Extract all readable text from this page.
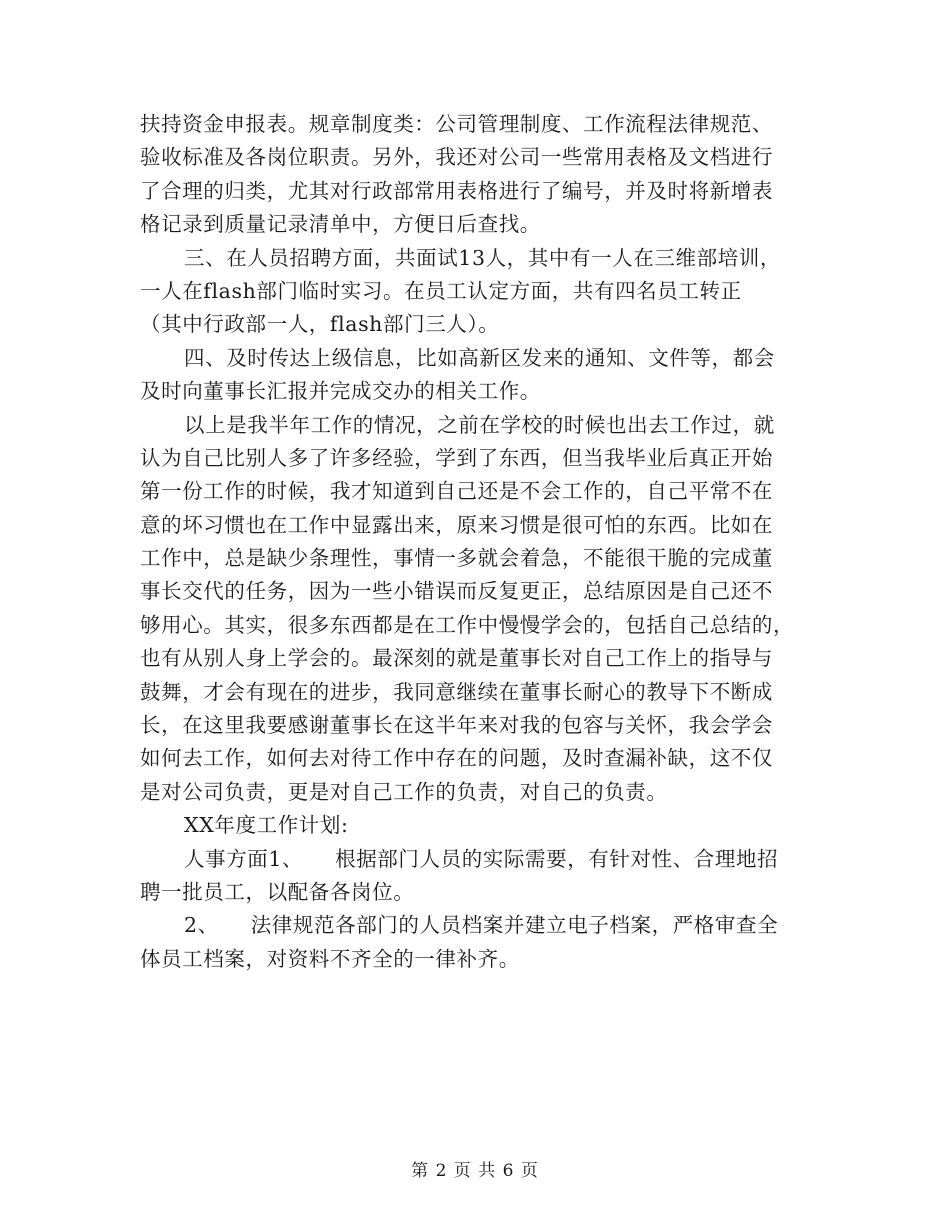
扶持资金申报表。规章制度类：公司管理制度、工作流程法律规范、
验收标准及各岗位职责。另外，我还对公司一些常用表格及文档进行
了合理的归类，尤其对行政部常用表格进行了编号，并及时将新增表
格记录到质量记录清单中，方便日后查找。
三、在人员招聘方面，共面试13人，其中有一人在三维部培训，
一人在flash部门临时实习。在员工认定方面，共有四名员工转正
（其中行政部一人，flash部门三人）。
四、及时传达上级信息，比如高新区发来的通知、文件等，都会
及时向董事长汇报并完成交办的相关工作。
以上是我半年工作的情况，之前在学校的时候也出去工作过，就
认为自己比别人多了许多经验，学到了东西，但当我毕业后真正开始
第一份工作的时候，我才知道到自己还是不会工作的，自己平常不在
意的坏习惯也在工作中显露出来，原来习惯是很可怕的东西。比如在
工作中，总是缺少条理性，事情一多就会着急，不能很干脆的完成董
事长交代的任务，因为一些小错误而反复更正，总结原因是自己还不
够用心。其实，很多东西都是在工作中慢慢学会的，包括自己总结的，
也有从别人身上学会的。最深刻的就是董事长对自己工作上的指导与
鼓舞，才会有现在的进步，我同意继续在董事长耐心的教导下不断成
长，在这里我要感谢董事长在这半年来对我的包容与关怀，我会学会
如何去工作，如何去对待工作中存在的问题，及时查漏补缺，这不仅
是对公司负责，更是对自己工作的负责，对自己的负责。
XX年度工作计划:
人事方面1、　　根据部门人员的实际需要，有针对性、合理地招
聘一批员工，以配备各岗位。
2、　　法律规范各部门的人员档案并建立电子档案，严格审查全
体员工档案，对资料不齐全的一律补齐。
第 2 页 共 6 页
